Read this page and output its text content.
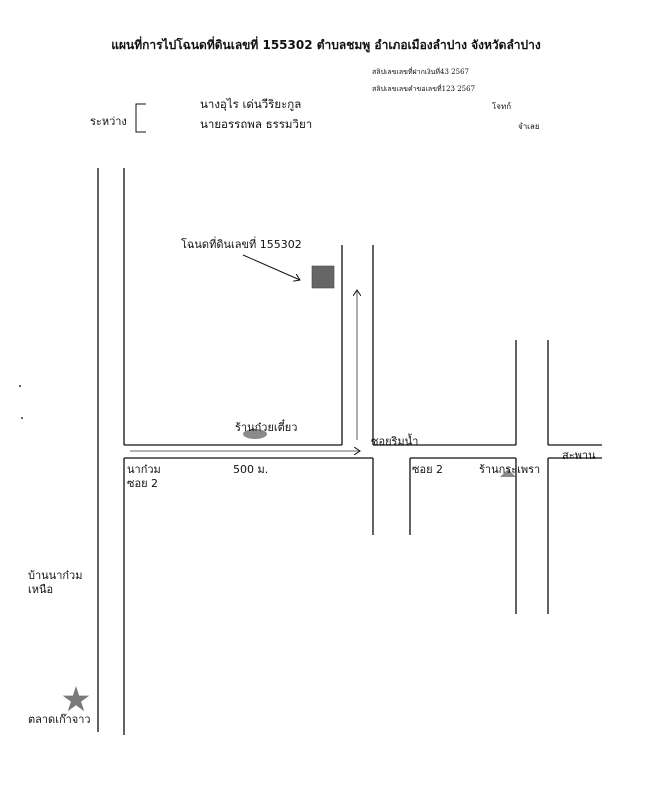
แผนที่การไปโฉนดที่ดินเลขที่ 155302 ตำบลชมพู อำเภอเมืองลำปาง จังหวัดลำปาง
สลิปเลขเลขที่ฝากเงินที่43 2567
สลิปเลขเลขคำขอเลขที่123 2567
ระหว่าง
นางอุไร เด่นวีริยะกูล	โจทก์
นายอรรถพล ธรรมวิยา	จำเลย
โฉนดที่ดินเลขที่ 155302
ร้านก๋วยเตี๋ยว
ซอยริมน้ำ
สะพาน
นาก๋วม
ซอย 2
500 ม.	ซอย 2	ร้านกระเพรา
บ้านนาก๋วม
เหนือ
ตลาดเก๊าจาว
